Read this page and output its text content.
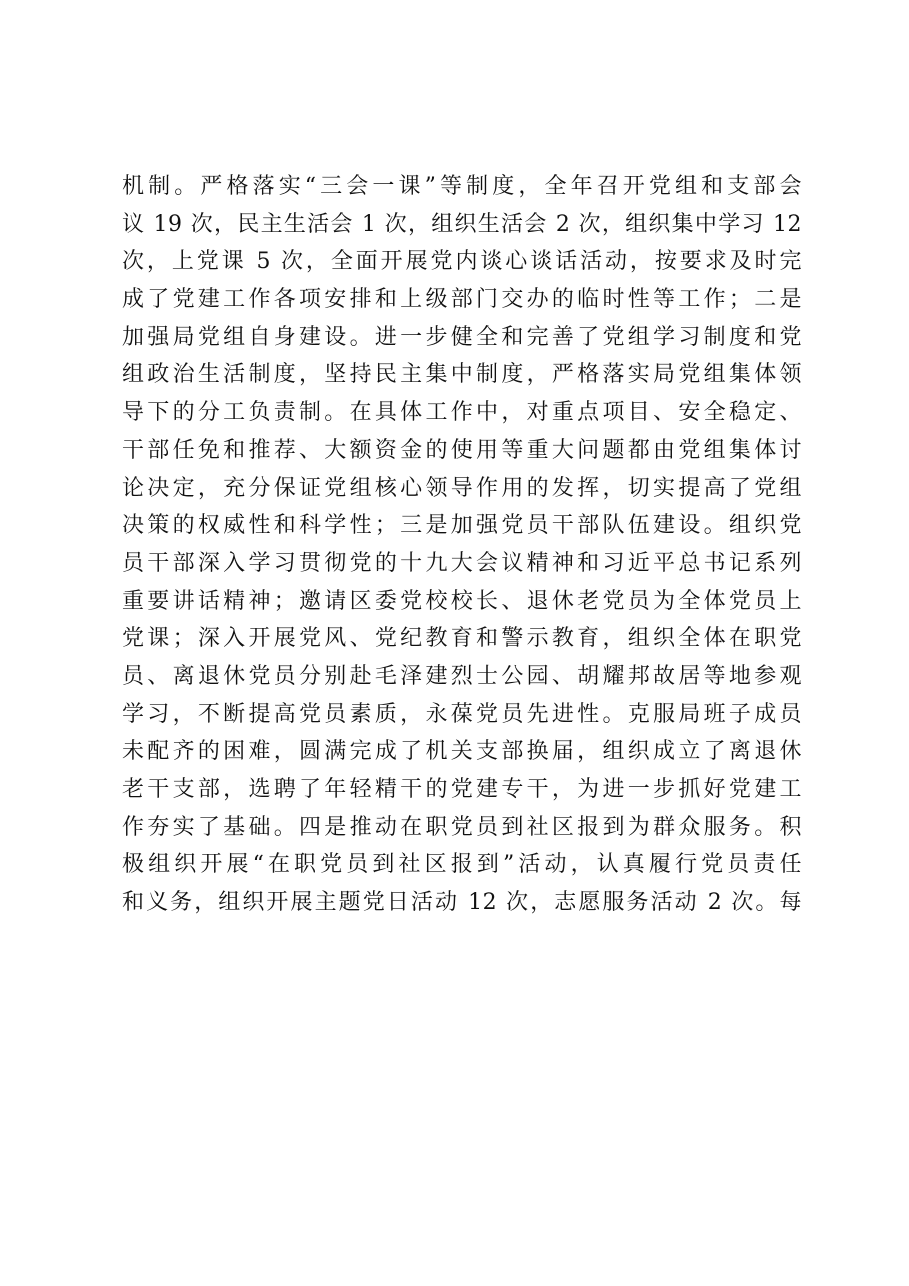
机制。严格落实“三会一课”等制度，全年召开党组和支部会
议 19 次，民主生活会 1 次，组织生活会 2 次，组织集中学习 12
次，上党课 5 次，全面开展党内谈心谈话活动，按要求及时完
成了党建工作各项安排和上级部门交办的临时性等工作；二是
加强局党组自身建设。进一步健全和完善了党组学习制度和党
组政治生活制度，坚持民主集中制度，严格落实局党组集体领
导下的分工负责制。在具体工作中，对重点项目、安全稳定、
干部任免和推荐、大额资金的使用等重大问题都由党组集体讨
论决定，充分保证党组核心领导作用的发挥，切实提高了党组
决策的权威性和科学性；三是加强党员干部队伍建设。组织党
员干部深入学习贯彻党的十九大会议精神和习近平总书记系列
重要讲话精神；邀请区委党校校长、退休老党员为全体党员上
党课；深入开展党风、党纪教育和警示教育，组织全体在职党
员、离退休党员分别赴毛泽建烈士公园、胡耀邦故居等地参观
学习，不断提高党员素质，永葆党员先进性。克服局班子成员
未配齐的困难，圆满完成了机关支部换届，组织成立了离退休
老干支部，选聘了年轻精干的党建专干，为进一步抓好党建工
作夯实了基础。四是推动在职党员到社区报到为群众服务。积
极组织开展“在职党员到社区报到”活动，认真履行党员责任
和义务，组织开展主题党日活动 12 次，志愿服务活动 2 次。每
